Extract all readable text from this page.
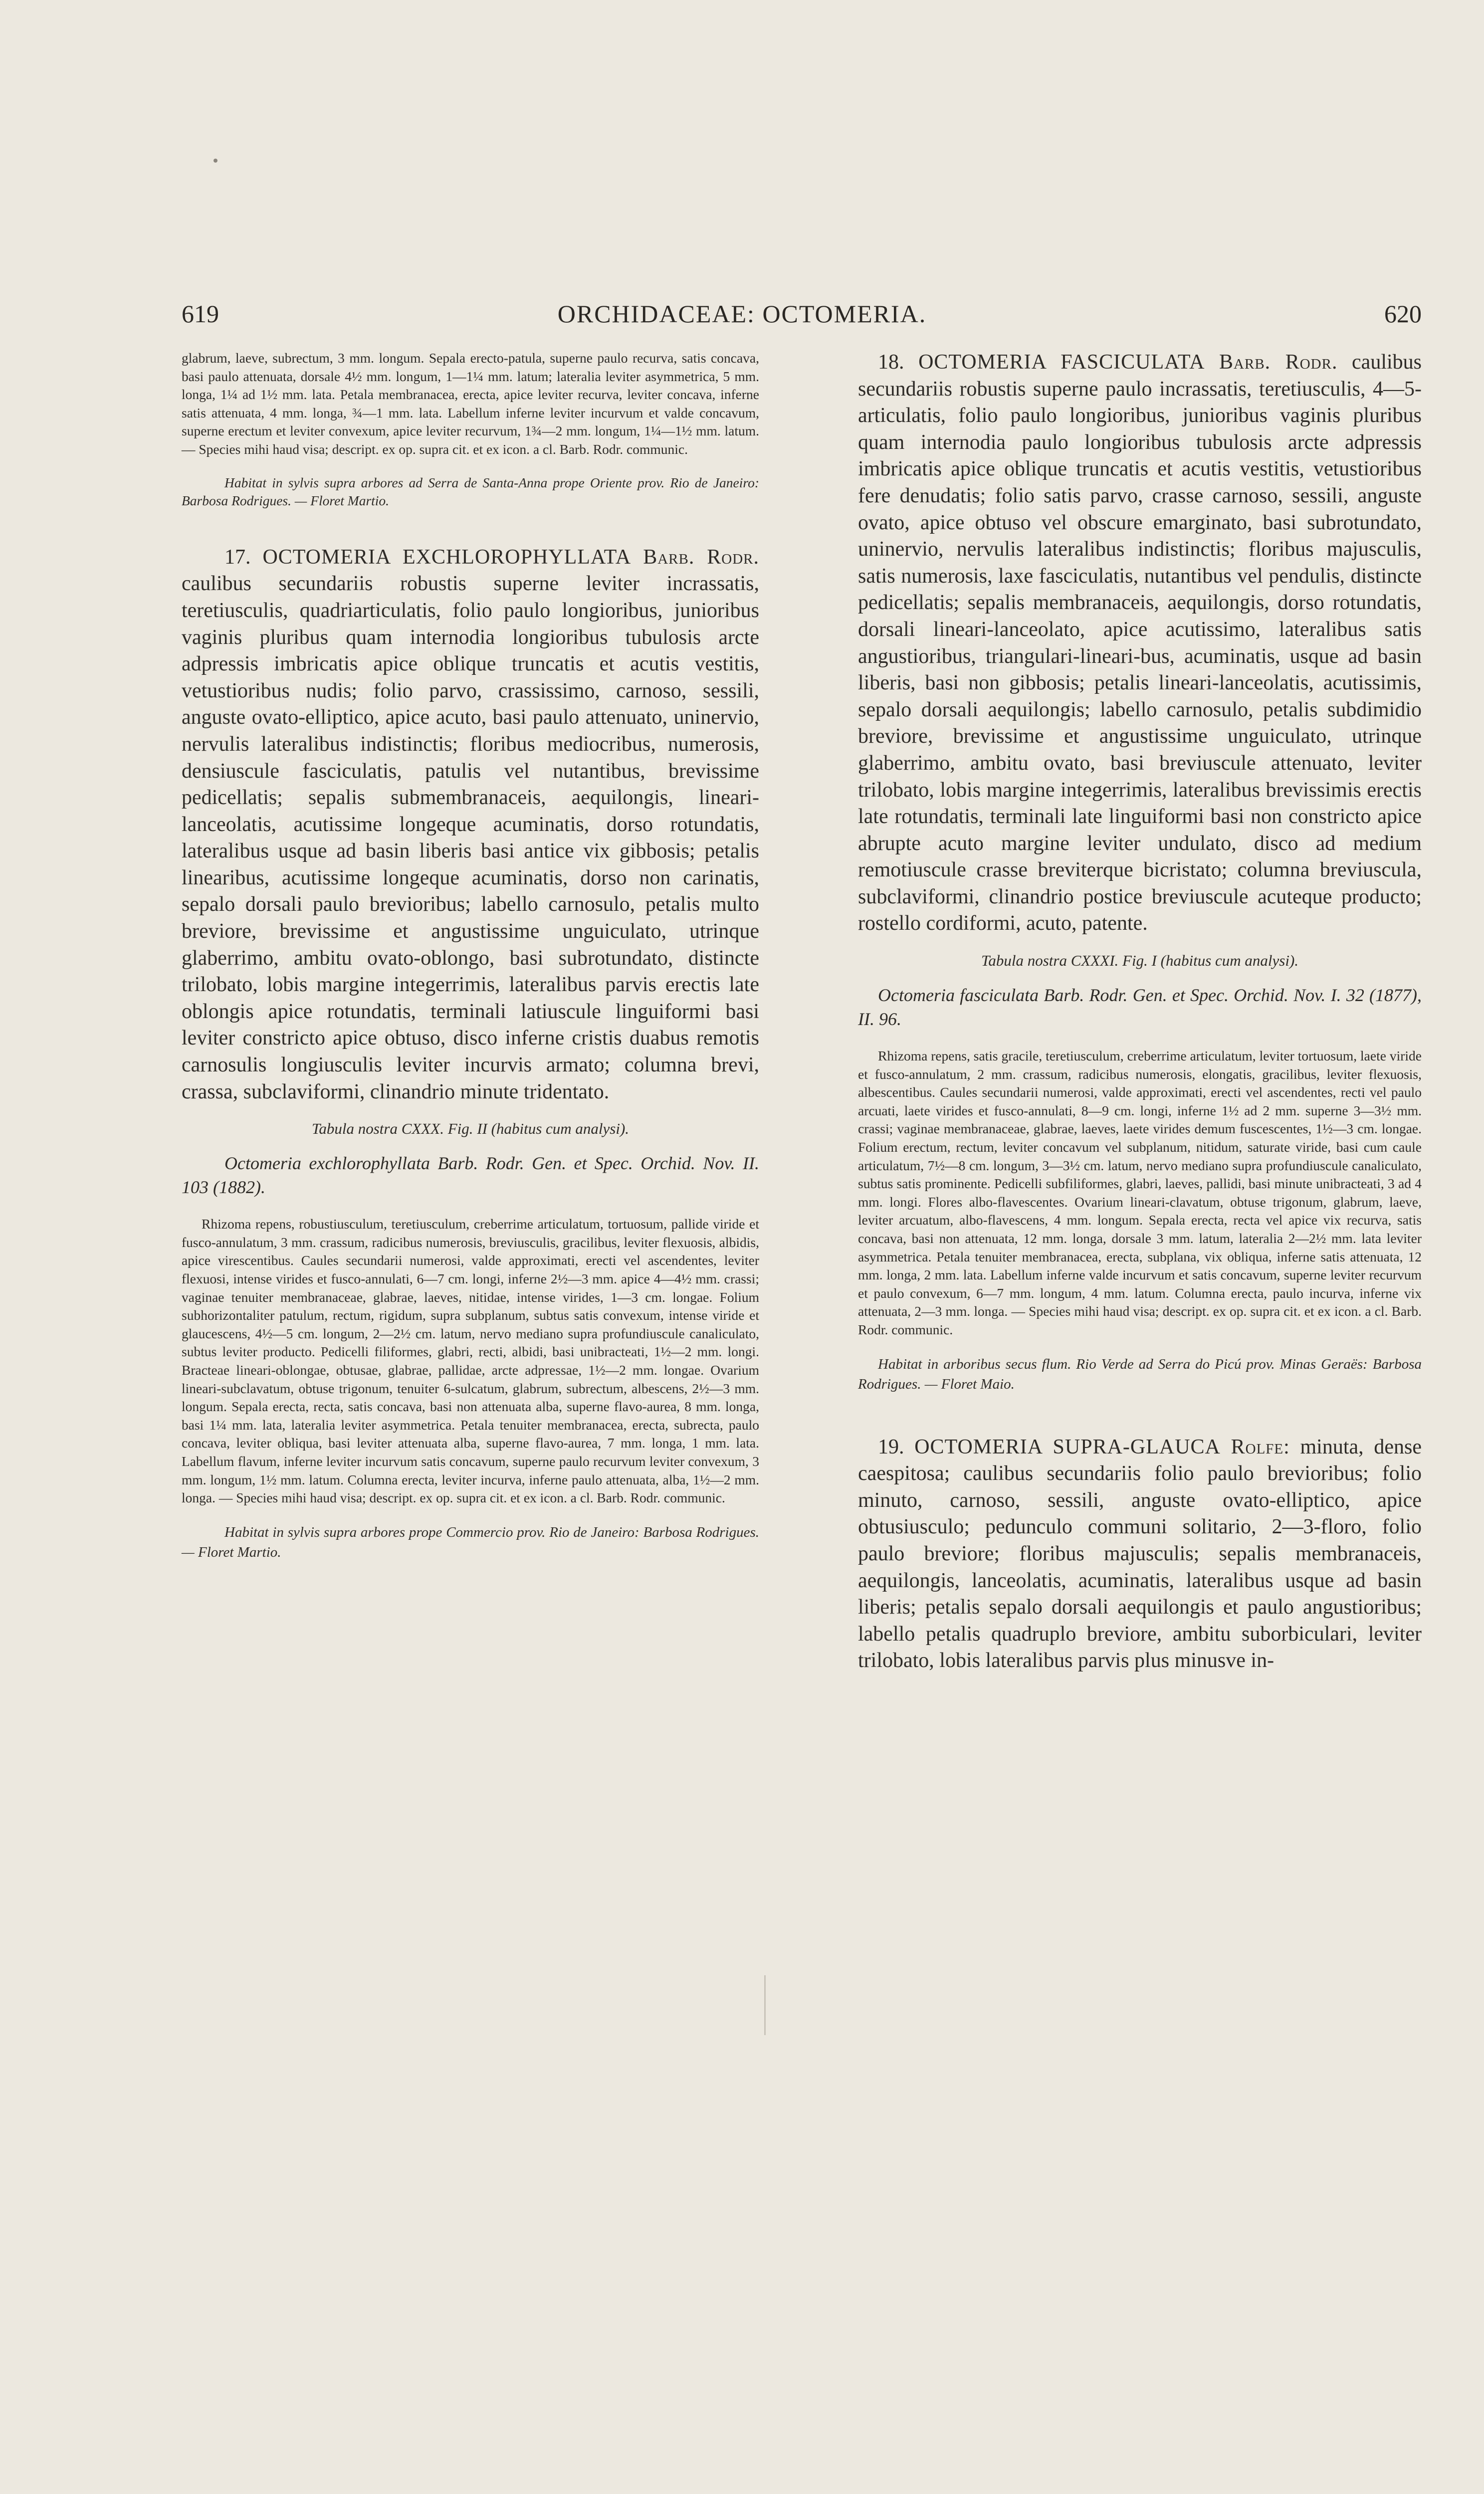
619	ORCHIDACEAE: OCTOMERIA.	620

glabrum, laeve, subrectum, 3 mm. longum. Sepala erecto-patula, superne paulo recurva, satis concava, basi paulo attenuata, dorsale 4½ mm. longum, 1—1¼ mm. latum; lateralia leviter asymmetrica, 5 mm. longa, 1¼ ad 1½ mm. lata. Petala membranacea, erecta, apice leviter recurva, leviter concava, inferne satis attenuata, 4 mm. longa, ¾—1 mm. lata. Labellum inferne leviter incurvum et valde concavum, superne erectum et leviter convexum, apice leviter recurvum, 1¾—2 mm. longum, 1¼—1½ mm. latum. — Species mihi haud visa; descript. ex op. supra cit. et ex icon. a cl. Barb. Rodr. communic.

Habitat in sylvis supra arbores ad Serra de Santa-Anna prope Oriente prov. Rio de Janeiro: Barbosa Rodrigues. — Floret Martio.

17. OCTOMERIA EXCHLOROPHYLLATA Barb. Rodr. caulibus secundariis robustis superne leviter incrassatis, teretiusculis, quadriarticulatis, folio paulo longioribus, junioribus vaginis pluribus quam internodia longioribus tubulosis arcte adpressis imbricatis apice oblique truncatis et acutis vestitis, vetustioribus nudis; folio parvo, crassissimo, carnoso, sessili, anguste ovato-elliptico, apice acuto, basi paulo attenuato, uninervio, nervulis lateralibus indistinctis; floribus mediocribus, numerosis, densiuscule fasciculatis, patulis vel nutantibus, brevissime pedicellatis; sepalis submembranaceis, aequilongis, lineari-lanceolatis, acutissime longeque acuminatis, dorso rotundatis, lateralibus usque ad basin liberis basi antice vix gibbosis; petalis linearibus, acutissime longeque acuminatis, dorso non carinatis, sepalo dorsali paulo brevioribus; labello carnosulo, petalis multo breviore, brevissime et angustissime unguiculato, utrinque glaberrimo, ambitu ovato-oblongo, basi subrotundato, distincte trilobato, lobis margine integerrimis, lateralibus parvis erectis late oblongis apice rotundatis, terminali latiuscule linguiformi basi leviter constricto apice obtuso, disco inferne cristis duabus remotis carnosulis longiusculis leviter incurvis armato; columna brevi, crassa, subclaviformi, clinandrio minute tridentato.

Tabula nostra CXXX. Fig. II (habitus cum analysi).

Octomeria exchlorophyllata Barb. Rodr. Gen. et Spec. Orchid. Nov. II. 103 (1882).

Rhizoma repens, robustiusculum, teretiusculum, creberrime articulatum, tortuosum, pallide viride et fusco-annulatum, 3 mm. crassum, radicibus numerosis, breviusculis, gracilibus, leviter flexuosis, albidis, apice virescentibus. Caules secundarii numerosi, valde approximati, erecti vel ascendentes, leviter flexuosi, intense virides et fusco-annulati, 6—7 cm. longi, inferne 2½—3 mm. apice 4—4½ mm. crassi; vaginae tenuiter membranaceae, glabrae, laeves, nitidae, intense virides, 1—3 cm. longae. Folium subhorizontaliter patulum, rectum, rigidum, supra subplanum, subtus satis convexum, intense viride et glaucescens, 4½—5 cm. longum, 2—2½ cm. latum, nervo mediano supra profundiuscule canaliculato, subtus leviter producto. Pedicelli filiformes, glabri, recti, albidi, basi unibracteati, 1½—2 mm. longi. Bracteae lineari-oblongae, obtusae, glabrae, pallidae, arcte adpressae, 1½—2 mm. longae. Ovarium lineari-subclavatum, obtuse trigonum, tenuiter 6-sulcatum, glabrum, subrectum, albescens, 2½—3 mm. longum. Sepala erecta, recta, satis concava, basi non attenuata alba, superne flavo-aurea, 8 mm. longa, basi 1¼ mm. lata, lateralia leviter asymmetrica. Petala tenuiter membranacea, erecta, subrecta, paulo concava, leviter obliqua, basi leviter attenuata alba, superne flavo-aurea, 7 mm. longa, 1 mm. lata. Labellum flavum, inferne leviter incurvum satis concavum, superne paulo recurvum leviter convexum, 3 mm. longum, 1½ mm. latum. Columna erecta, leviter incurva, inferne paulo attenuata, alba, 1½—2 mm. longa. — Species mihi haud visa; descript. ex op. supra cit. et ex icon. a cl. Barb. Rodr. communic.

Habitat in sylvis supra arbores prope Commercio prov. Rio de Janeiro: Barbosa Rodrigues. — Floret Martio.

18. OCTOMERIA FASCICULATA Barb. Rodr. caulibus secundariis robustis superne paulo incrassatis, teretiusculis, 4—5-articulatis, folio paulo longioribus, junioribus vaginis pluribus quam internodia paulo longioribus tubulosis arcte adpressis imbricatis apice oblique truncatis et acutis vestitis, vetustioribus fere denudatis; folio satis parvo, crasse carnoso, sessili, anguste ovato, apice obtuso vel obscure emarginato, basi subrotundato, uninervio, nervulis lateralibus indistinctis; floribus majusculis, satis numerosis, laxe fasciculatis, nutantibus vel pendulis, distincte pedicellatis; sepalis membranaceis, aequilongis, dorso rotundatis, dorsali lineari-lanceolato, apice acutissimo, lateralibus satis angustioribus, triangulari-lineari-bus, acuminatis, usque ad basin liberis, basi non gibbosis; petalis lineari-lanceolatis, acutissimis, sepalo dorsali aequilongis; labello carnosulo, petalis subdimidio breviore, brevissime et angustissime unguiculato, utrinque glaberrimo, ambitu ovato, basi breviuscule attenuato, leviter trilobato, lobis margine integerrimis, lateralibus brevissimis erectis late rotundatis, terminali late linguiformi basi non constricto apice abrupte acuto margine leviter undulato, disco ad medium remotiuscule crasse breviterque bicristato; columna breviuscula, subclaviformi, clinandrio postice breviuscule acuteque producto; rostello cordiformi, acuto, patente.

Tabula nostra CXXXI. Fig. I (habitus cum analysi).

Octomeria fasciculata Barb. Rodr. Gen. et Spec. Orchid. Nov. I. 32 (1877), II. 96.

Rhizoma repens, satis gracile, teretiusculum, creberrime articulatum, leviter tortuosum, laete viride et fusco-annulatum, 2 mm. crassum, radicibus numerosis, elongatis, gracilibus, leviter flexuosis, albescentibus. Caules secundarii numerosi, valde approximati, erecti vel ascendentes, recti vel paulo arcuati, laete virides et fusco-annulati, 8—9 cm. longi, inferne 1½ ad 2 mm. superne 3—3½ mm. crassi; vaginae membranaceae, glabrae, laeves, laete virides demum fuscescentes, 1½—3 cm. longae. Folium erectum, rectum, leviter concavum vel subplanum, nitidum, saturate viride, basi cum caule articulatum, 7½—8 cm. longum, 3—3½ cm. latum, nervo mediano supra profundiuscule canaliculato, subtus satis prominente. Pedicelli subfiliformes, glabri, laeves, pallidi, basi minute unibracteati, 3 ad 4 mm. longi. Flores albo-flavescentes. Ovarium lineari-clavatum, obtuse trigonum, glabrum, laeve, leviter arcuatum, albo-flavescens, 4 mm. longum. Sepala erecta, recta vel apice vix recurva, satis concava, basi non attenuata, 12 mm. longa, dorsale 3 mm. latum, lateralia 2—2½ mm. lata leviter asymmetrica. Petala tenuiter membranacea, erecta, subplana, vix obliqua, inferne satis attenuata, 12 mm. longa, 2 mm. lata. Labellum inferne valde incurvum et satis concavum, superne leviter recurvum et paulo convexum, 6—7 mm. longum, 4 mm. latum. Columna erecta, paulo incurva, inferne vix attenuata, 2—3 mm. longa. — Species mihi haud visa; descript. ex op. supra cit. et ex icon. a cl. Barb. Rodr. communic.

Habitat in arboribus secus flum. Rio Verde ad Serra do Picú prov. Minas Geraës: Barbosa Rodrigues. — Floret Maio.

19. OCTOMERIA SUPRA-GLAUCA Rolfe: minuta, dense caespitosa; caulibus secundariis folio paulo brevioribus; folio minuto, carnoso, sessili, anguste ovato-elliptico, apice obtusiusculo; pedunculo communi solitario, 2—3-floro, folio paulo breviore; floribus majusculis; sepalis membranaceis, aequilongis, lanceolatis, acuminatis, lateralibus usque ad basin liberis; petalis sepalo dorsali aequilongis et paulo angustioribus; labello petalis quadruplo breviore, ambitu suborbiculari, leviter trilobato, lobis lateralibus parvis plus minusve in-
